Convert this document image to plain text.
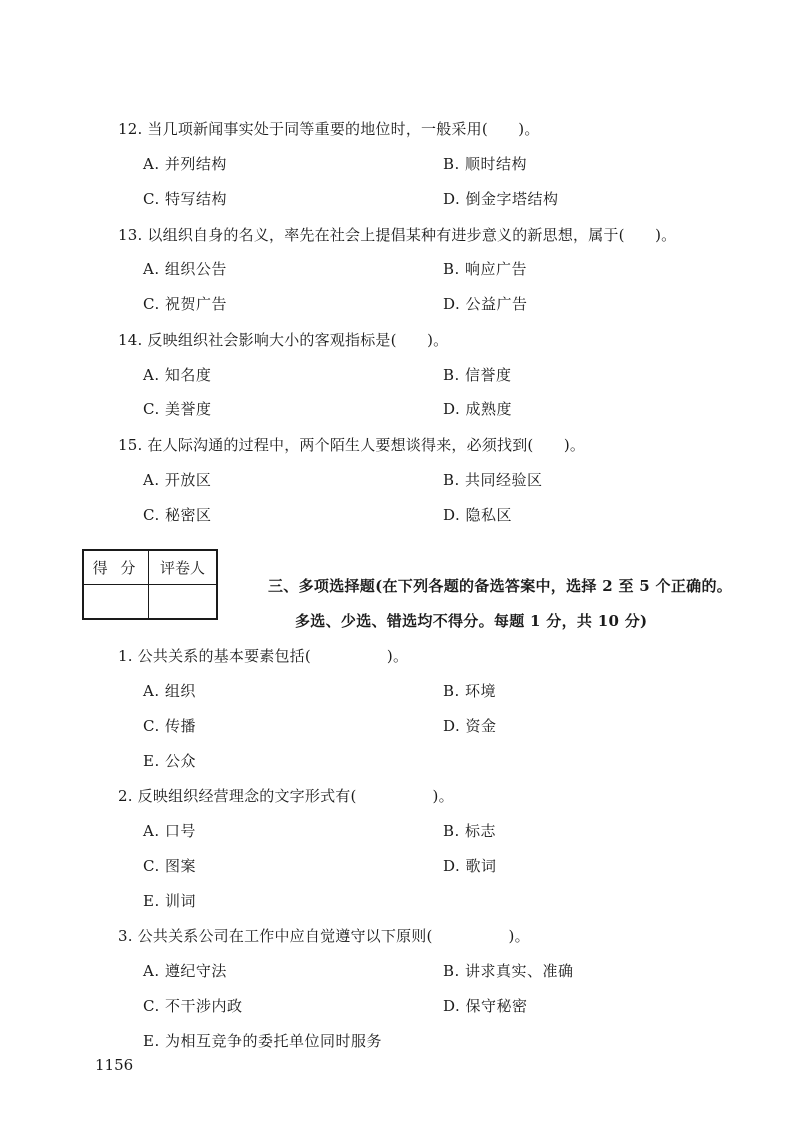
12. 当几项新闻事实处于同等重要的地位时，一般采用(　　)。
A. 并列结构	B. 顺时结构
C. 特写结构	D. 倒金字塔结构
13. 以组织自身的名义，率先在社会上提倡某种有进步意义的新思想，属于(　　)。
A. 组织公告	B. 响应广告
C. 祝贺广告	D. 公益广告
14. 反映组织社会影响大小的客观指标是(　　)。
A. 知名度	B. 信誉度
C. 美誉度	D. 成熟度
15. 在人际沟通的过程中，两个陌生人要想谈得来，必须找到(　　)。
A. 开放区	B. 共同经验区
C. 秘密区	D. 隐私区
得 分	评卷人

三、多项选择题(在下列各题的备选答案中，选择 2 至 5 个正确的。
多选、少选、错选均不得分。每题 1 分，共 10 分)
1. 公共关系的基本要素包括(　　　　　)。
A. 组织	B. 环境
C. 传播	D. 资金
E. 公众
2. 反映组织经营理念的文字形式有(　　　　　)。
A. 口号	B. 标志
C. 图案	D. 歌词
E. 训词
3. 公共关系公司在工作中应自觉遵守以下原则(　　　　　)。
A. 遵纪守法	B. 讲求真实、准确
C. 不干涉内政	D. 保守秘密
E. 为相互竞争的委托单位同时服务
1156
